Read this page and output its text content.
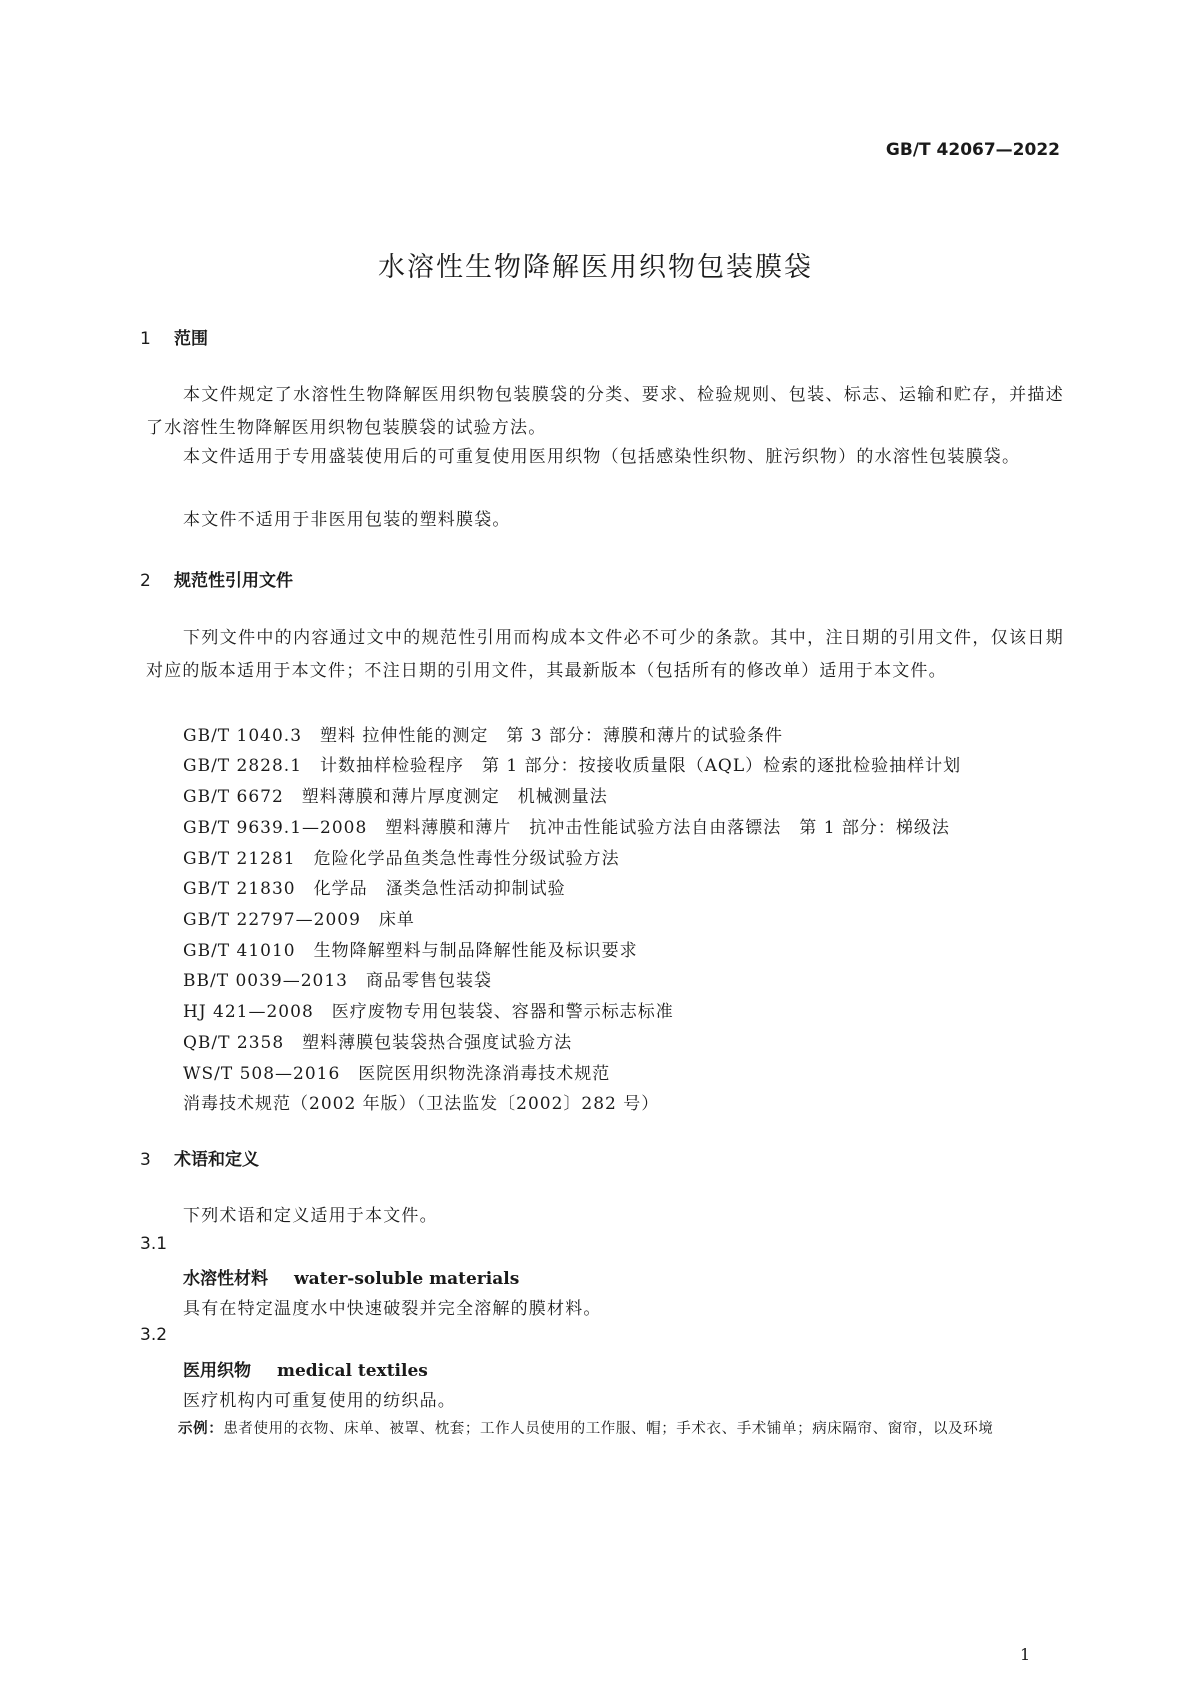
GB/T 42067—2022
水溶性生物降解医用织物包装膜袋
1 范围
本文件规定了水溶性生物降解医用织物包装膜袋的分类、要求、检验规则、包装、标志、运输和贮存，并描述了水溶性生物降解医用织物包装膜袋的试验方法。
本文件适用于专用盛装使用后的可重复使用医用织物（包括感染性织物、脏污织物）的水溶性包装膜袋。
本文件不适用于非医用包装的塑料膜袋。
2 规范性引用文件
下列文件中的内容通过文中的规范性引用而构成本文件必不可少的条款。其中，注日期的引用文件，仅该日期对应的版本适用于本文件；不注日期的引用文件，其最新版本（包括所有的修改单）适用于本文件。
GB/T 1040.3　塑料 拉伸性能的测定　第 3 部分：薄膜和薄片的试验条件
GB/T 2828.1　计数抽样检验程序　第 1 部分：按接收质量限（AQL）检索的逐批检验抽样计划
GB/T 6672　塑料薄膜和薄片厚度测定　机械测量法
GB/T 9639.1—2008　塑料薄膜和薄片　抗冲击性能试验方法自由落镖法　第 1 部分：梯级法
GB/T 21281　危险化学品鱼类急性毒性分级试验方法
GB/T 21830　化学品　溞类急性活动抑制试验
GB/T 22797—2009　床单
GB/T 41010　生物降解塑料与制品降解性能及标识要求
BB/T 0039—2013　商品零售包装袋
HJ 421—2008　医疗废物专用包装袋、容器和警示标志标准
QB/T 2358　塑料薄膜包装袋热合强度试验方法
WS/T 508—2016　医院医用织物洗涤消毒技术规范
消毒技术规范（2002 年版）（卫法监发〔2002〕282 号）
3 术语和定义
下列术语和定义适用于本文件。
3.1
水溶性材料 water-soluble materials
具有在特定温度水中快速破裂并完全溶解的膜材料。
3.2
医用织物 medical textiles
医疗机构内可重复使用的纺织品。
示例：患者使用的衣物、床单、被罩、枕套；工作人员使用的工作服、帽；手术衣、手术铺单；病床隔帘、窗帘，以及环境
1
